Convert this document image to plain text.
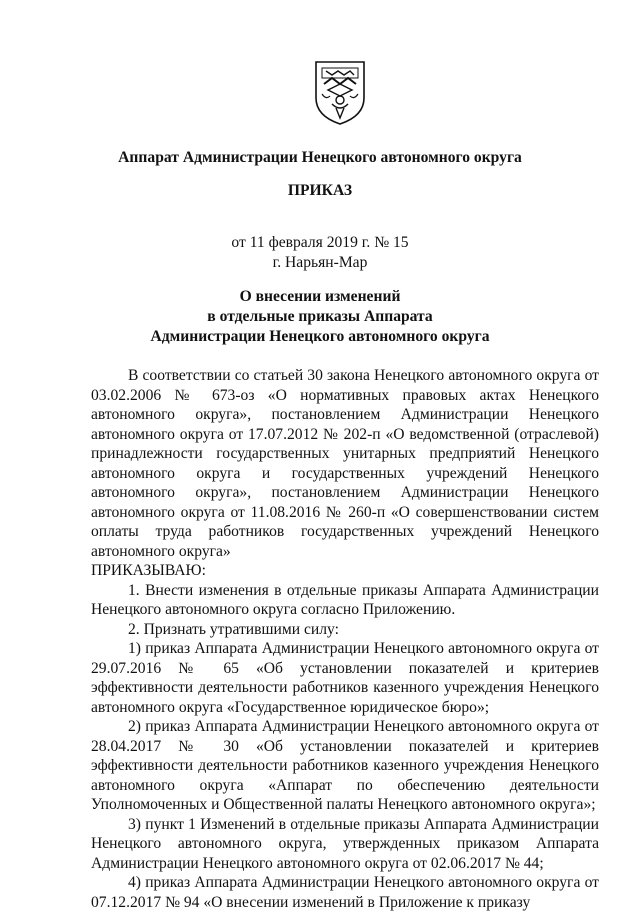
Аппарат Администрации Ненецкого автономного округа
ПРИКАЗ
от 11 февраля 2019 г. № 15
г. Нарьян-Мар
О внесении изменений
в отдельные приказы Аппарата
Администрации Ненецкого автономного округа

В соответствии со статьей 30 закона Ненецкого автономного округа от 03.02.2006 № 673-оз «О нормативных правовых актах Ненецкого автономного округа», постановлением Администрации Ненецкого автономного округа от 17.07.2012 № 202-п «О ведомственной (отраслевой) принадлежности государственных унитарных предприятий Ненецкого автономного округа и государственных учреждений Ненецкого автономного округа», постановлением Администрации Ненецкого автономного округа от 11.08.2016 № 260-п «О совершенствовании систем оплаты труда работников государственных учреждений Ненецкого автономного округа»

ПРИКАЗЫВАЮ:

1. Внести изменения в отдельные приказы Аппарата Администрации Ненецкого автономного округа согласно Приложению.

2. Признать утратившими силу:

1) приказ Аппарата Администрации Ненецкого автономного округа от 29.07.2016 № 65 «Об установлении показателей и критериев эффективности деятельности работников казенного учреждения Ненецкого автономного округа «Государственное юридическое бюро»;

2) приказ Аппарата Администрации Ненецкого автономного округа от 28.04.2017 № 30 «Об установлении показателей и критериев эффективности деятельности работников казенного учреждения Ненецкого автономного округа «Аппарат по обеспечению деятельности Уполномоченных и Общественной палаты Ненецкого автономного округа»;

3) пункт 1 Изменений в отдельные приказы Аппарата Администрации Ненецкого автономного округа, утвержденных приказом Аппарата Администрации Ненецкого автономного округа от 02.06.2017 № 44;

4) приказ Аппарата Администрации Ненецкого автономного округа от 07.12.2017 № 94 «О внесении изменений в Приложение к приказу
